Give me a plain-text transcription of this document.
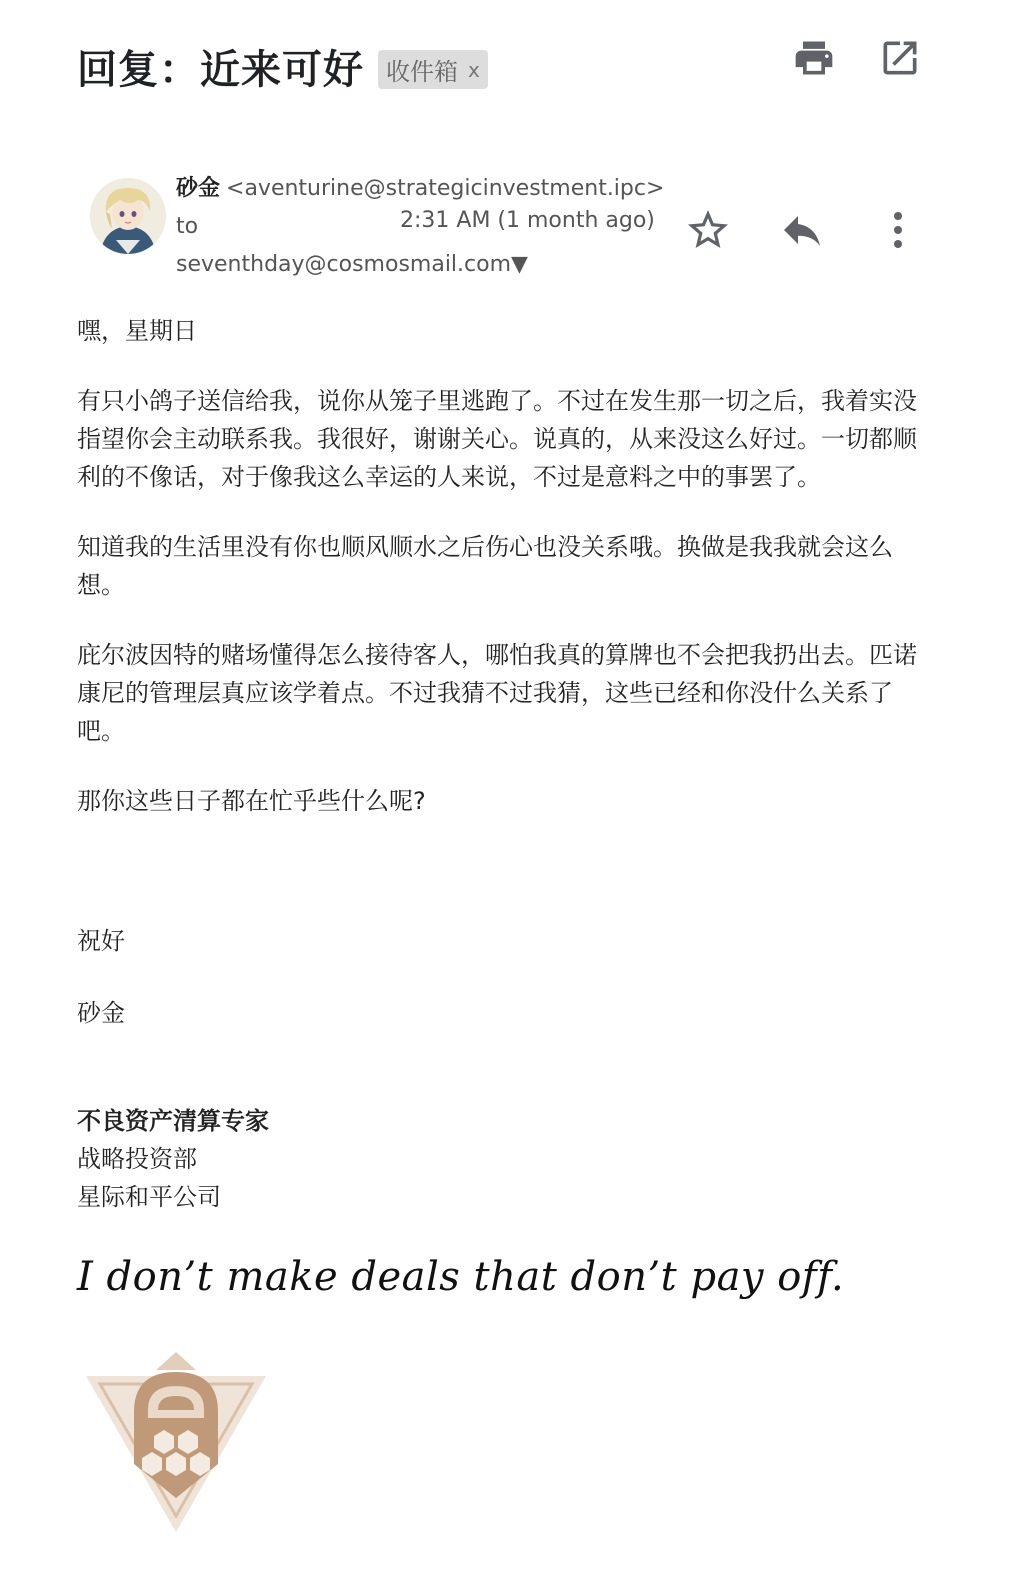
回复：近来可好 收件箱 x
砂金 <aventurine@strategicinvestment.ipc>
to
seventhday@cosmosmail.com▼
2:31 AM (1 month ago)

嘿，星期日

有只小鸽子送信给我，说你从笼子里逃跑了。不过在发生那一切之后，我着实没指望你会主动联系我。我很好，谢谢关心。说真的，从来没这么好过。一切都顺利的不像话，对于像我这么幸运的人来说，不过是意料之中的事罢了。

知道我的生活里没有你也顺风顺水之后伤心也没关系哦。换做是我我就会这么想。

庇尔波因特的赌场懂得怎么接待客人，哪怕我真的算牌也不会把我扔出去。匹诺康尼的管理层真应该学着点。不过我猜不过我猜，这些已经和你没什么关系了吧。

那你这些日子都在忙乎些什么呢?

祝好

砂金

不良资产清算专家
战略投资部
星际和平公司
I don’t make deals that don’t pay off.
